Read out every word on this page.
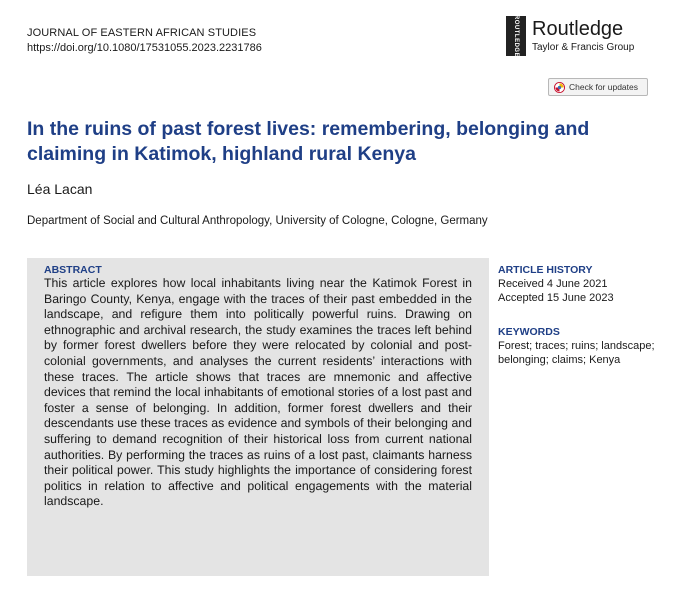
JOURNAL OF EASTERN AFRICAN STUDIES
https://doi.org/10.1080/17531055.2023.2231786	ROUTLEDGE Routledge
Taylor & Francis Group
Check for updates
In the ruins of past forest lives: remembering, belonging and claiming in Katimok, highland rural Kenya
Léa Lacan
Department of Social and Cultural Anthropology, University of Cologne, Cologne, Germany
ABSTRACT

This article explores how local inhabitants living near the Katimok Forest in Baringo County, Kenya, engage with the traces of their past embedded in the landscape, and refigure them into politically powerful ruins. Drawing on ethnographic and archival research, the study examines the traces left behind by former forest dwellers before they were relocated by colonial and post-colonial governments, and analyses the current residents’ interactions with these traces. The article shows that traces are mnemonic and affective devices that remind the local inhabitants of emotional stories of a lost past and foster a sense of belonging. In addition, former forest dwellers and their descendants use these traces as evidence and symbols of their belonging and suffering to demand recognition of their historical loss from current national authorities. By performing the traces as ruins of a lost past, claimants harness their political power. This study highlights the importance of considering forest politics in relation to affective and political engagements with the material landscape.

ARTICLE HISTORY
Received 4 June 2021
Accepted 15 June 2023
KEYWORDS
Forest; traces; ruins; landscape; belonging; claims; Kenya
